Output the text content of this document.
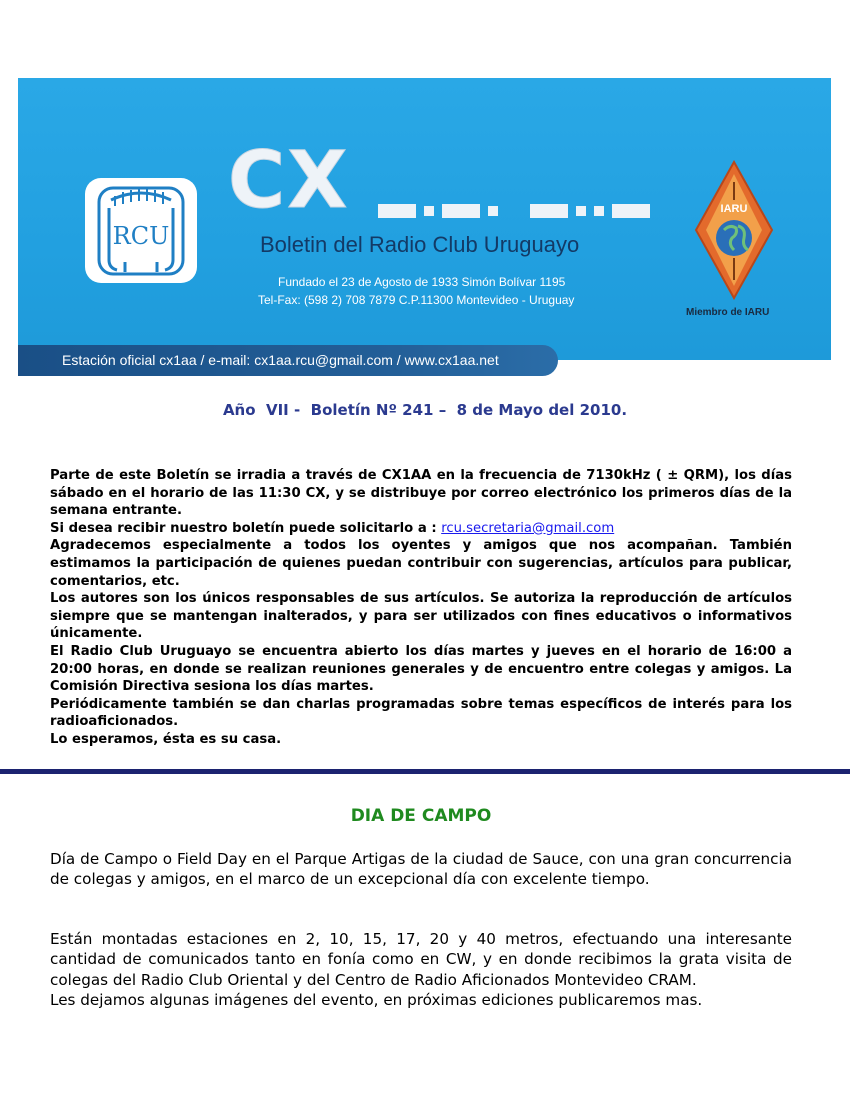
RCU
CX
Boletin del Radio Club Uruguayo
Fundado el 23 de Agosto de 1933 Simón Bolívar 1195
Tel-Fax: (598 2) 708 7879 C.P.11300 Montevideo - Uruguay
IARU
Miembro de IARU
Estación oficial cx1aa / e-mail: cx1aa.rcu@gmail.com / www.cx1aa.net
Año  VII -  Boletín Nº 241 –  8 de Mayo del 2010.

Parte de este Boletín se irradia a través de CX1AA en la frecuencia de 7130kHz ( ± QRM), los días sábado en el horario de las 11:30 CX, y se distribuye por correo electrónico los primeros días de la semana entrante.

Si desea recibir nuestro boletín puede solicitarlo a : rcu.secretaria@gmail.com

Agradecemos especialmente a todos los oyentes y amigos que nos acompañan. También estimamos la participación de quienes puedan contribuir con sugerencias, artículos para publicar, comentarios, etc.

Los autores son los únicos responsables de sus artículos. Se autoriza la reproducción de artículos siempre que se mantengan inalterados, y para ser utilizados con fines educativos o informativos únicamente.

El Radio Club Uruguayo se encuentra abierto los días martes y jueves en el horario de 16:00 a 20:00 horas, en donde se realizan reuniones generales y de encuentro entre colegas y amigos. La Comisión Directiva sesiona los días martes.

Periódicamente también se dan charlas programadas sobre temas específicos de interés para los radioaficionados.

Lo esperamos, ésta es su casa.

DIA DE CAMPO

Día de Campo o Field Day en el Parque Artigas de la ciudad de Sauce, con una gran concurrencia de colegas y amigos, en el marco de un excepcional día con excelente tiempo.

Están montadas estaciones en 2, 10, 15, 17, 20 y 40 metros, efectuando una interesante cantidad de comunicados tanto en fonía como en CW, y en donde recibimos la grata visita de colegas del Radio Club Oriental y del Centro de Radio Aficionados Montevideo CRAM.

Les dejamos algunas imágenes del evento, en próximas ediciones publicaremos mas.
